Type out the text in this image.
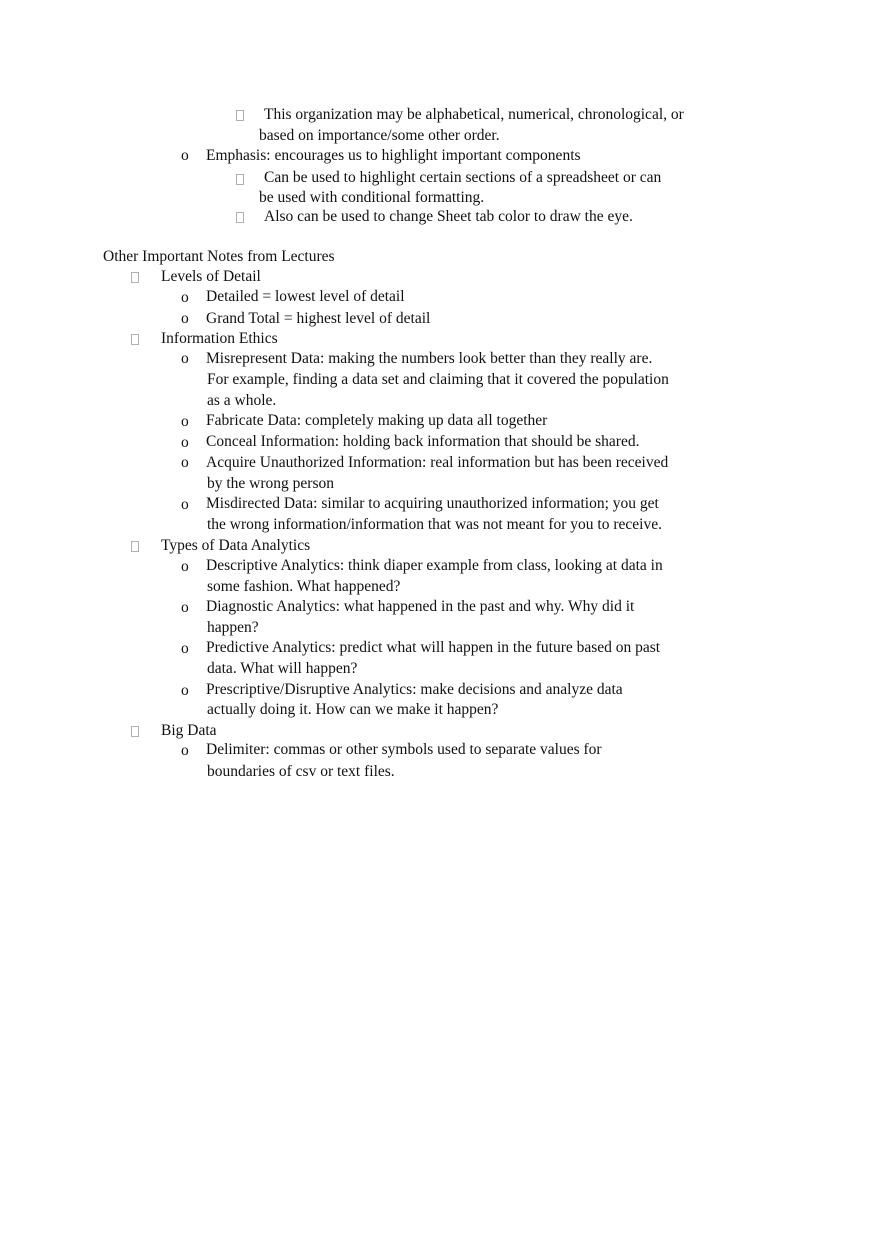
This organization may be alphabetical, numerical, chronological, or
based on importance/some other order.
o Emphasis: encourages us to highlight important components
Can be used to highlight certain sections of a spreadsheet or can
be used with conditional formatting.
Also can be used to change Sheet tab color to draw the eye.
Other Important Notes from Lectures
Levels of Detail
o Detailed = lowest level of detail
o Grand Total = highest level of detail
Information Ethics
o Misrepresent Data: making the numbers look better than they really are.
For example, finding a data set and claiming that it covered the population
as a whole.
o Fabricate Data: completely making up data all together
o Conceal Information: holding back information that should be shared.
o Acquire Unauthorized Information: real information but has been received
by the wrong person
o Misdirected Data: similar to acquiring unauthorized information; you get
the wrong information/information that was not meant for you to receive.
Types of Data Analytics
o Descriptive Analytics: think diaper example from class, looking at data in
some fashion. What happened?
o Diagnostic Analytics: what happened in the past and why. Why did it
happen?
o Predictive Analytics: predict what will happen in the future based on past
data. What will happen?
o Prescriptive/Disruptive Analytics: make decisions and analyze data
actually doing it. How can we make it happen?
Big Data
o Delimiter: commas or other symbols used to separate values for
boundaries of csv or text files.
